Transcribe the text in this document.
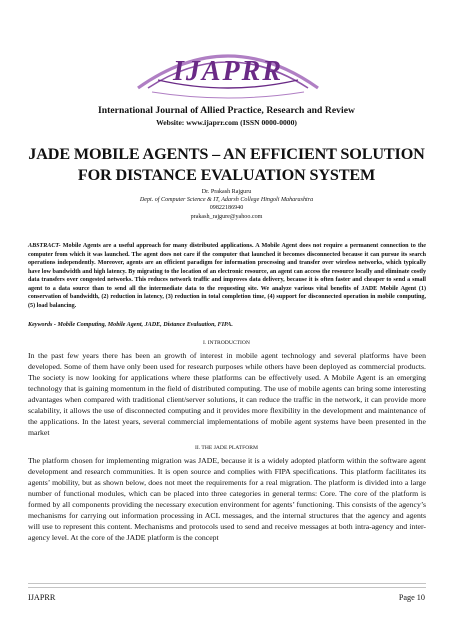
IJAPRR
International Journal of Allied Practice, Research and Review
Website: www.ijaprr.com (ISSN 0000-0000)
JADE MOBILE AGENTS – AN EFFICIENT SOLUTION
FOR DISTANCE EVALUATION SYSTEM
Dr. Prakash Rajguru
Dept. of Computer Science & IT, Adarsh College Hingoli Maharashtra
09822186940
prakash_rajgure@yahoo.com
ABSTRACT- Mobile Agents are a useful approach for many distributed applications. A Mobile Agent does not require a permanent connection to the computer from which it was launched. The agent does not care if the computer that launched it becomes disconnected because it can pursue its search operations independently. Moreover, agents are an efficient paradigm for information processing and transfer over wireless networks, which typically have low bandwidth and high latency. By migrating to the location of an electronic resource, an agent can access the resource locally and eliminate costly data transfers over congested networks. This reduces network traffic and improves data delivery, because it is often faster and cheaper to send a small agent to a data source than to send all the intermediate data to the requesting site. We analyze various vital benefits of JADE Mobile Agent (1) conservation of bandwidth, (2) reduction in latency, (3) reduction in total completion time, (4) support for disconnected operation in mobile computing, (5) load balancing.
Keywords - Mobile Computing, Mobile Agent, JADE, Distance Evaluation, FIPA.
I. INTRODUCTION
In the past few years there has been an growth of interest in mobile agent technology and several platforms have been developed. Some of them have only been used for research purposes while others have been deployed as commercial products. The society is now looking for applications where these platforms can be effectively used. A Mobile Agent is an emerging technology that is gaining momentum in the field of distributed computing. The use of mobile agents can bring some interesting advantages when compared with traditional client/server solutions, it can reduce the traffic in the network, it can provide more scalability, it allows the use of disconnected computing and it provides more flexibility in the development and maintenance of the applications. In the latest years, several commercial implementations of mobile agent systems have been presented in the market
II. THE JADE PLATFORM
The platform chosen for implementing migration was JADE, because it is a widely adopted platform within the software agent development and research communities. It is open source and complies with FIPA specifications. This platform facilitates its agents’ mobility, but as shown below, does not meet the requirements for a real migration. The platform is divided into a large number of functional modules, which can be placed into three categories in general terms: Core. The core of the platform is formed by all components providing the necessary execution environment for agents’ functioning. This consists of the agency’s mechanisms for carrying out information processing in ACL messages, and the internal structures that the agency and agents will use to represent this content. Mechanisms and protocols used to send and receive messages at both intra-agency and inter-agency level. At the core of the JADE platform is the concept
IJAPRR	Page 10
